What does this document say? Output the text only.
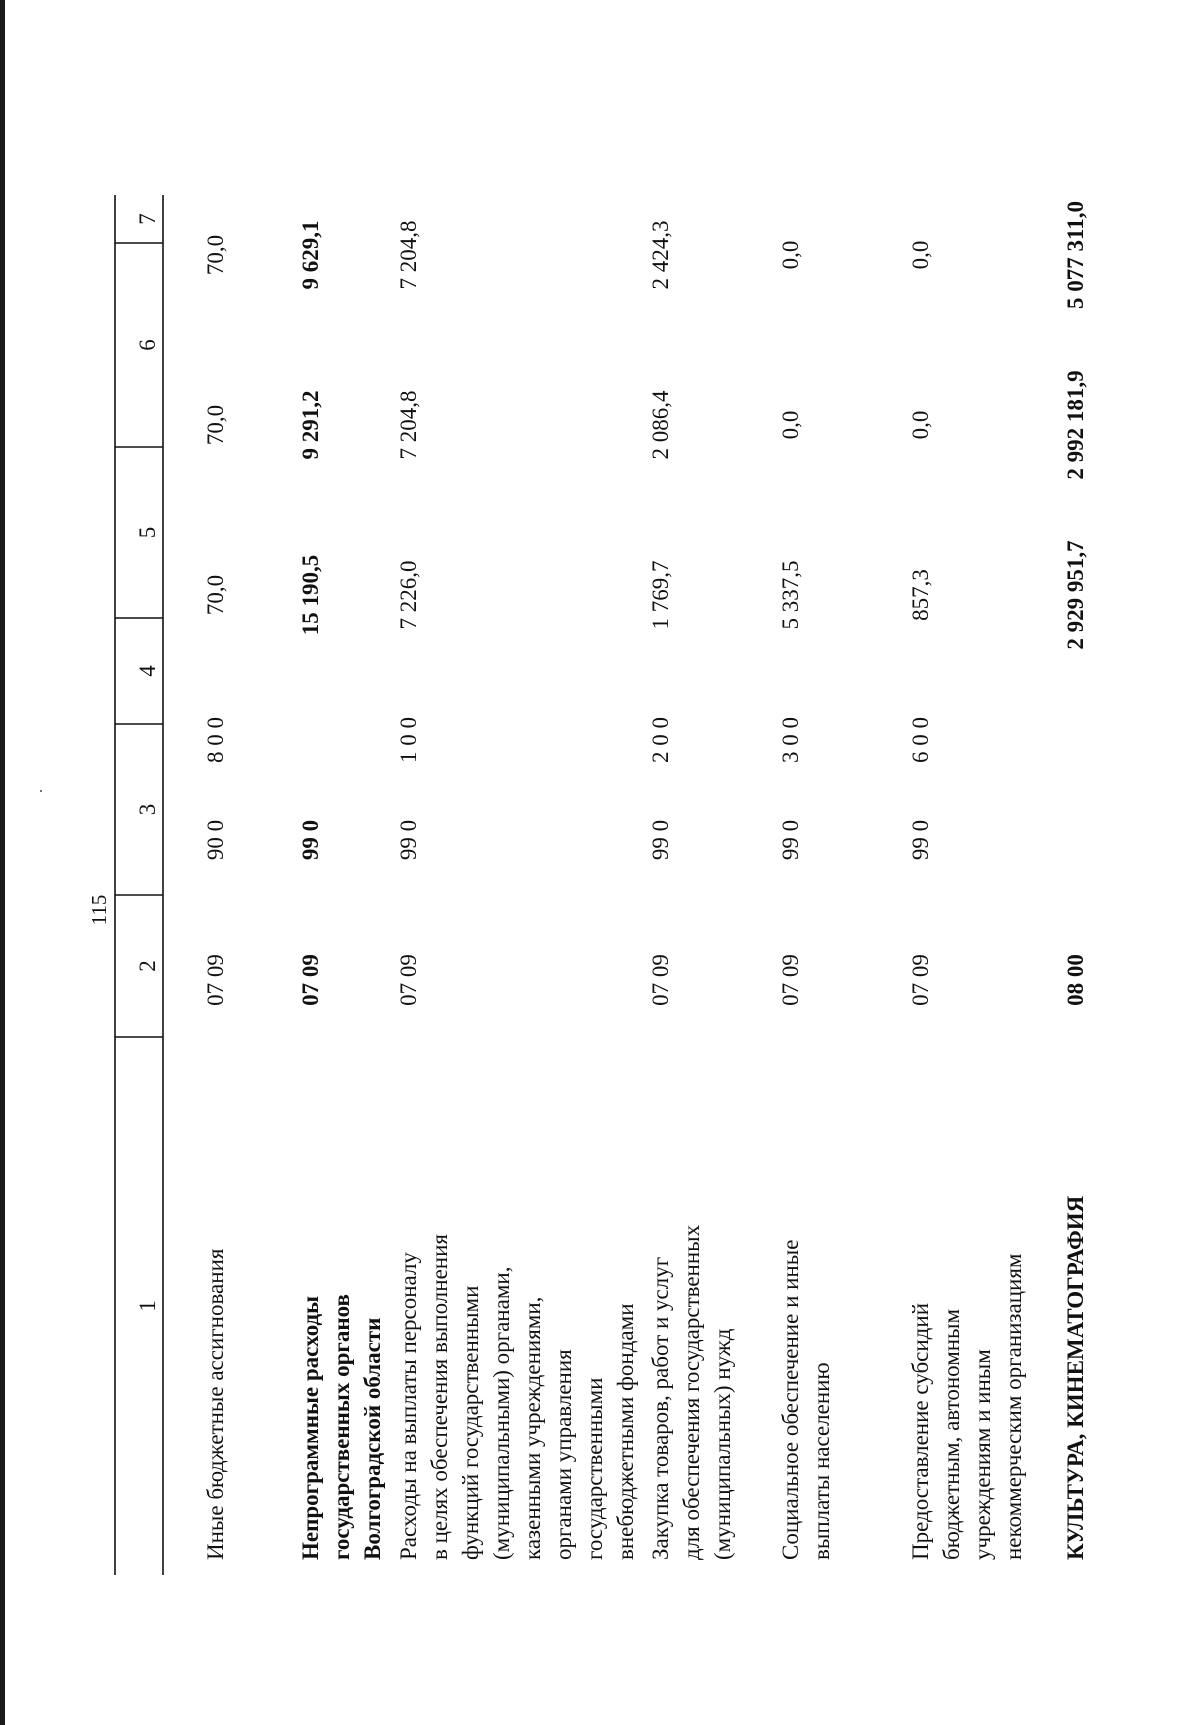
115
1
2
3
4
5
6
7
Иные бюджетные ассигнования
07 09
90 0
8 0 0
70,0
70,0
70,0
Непрограммные расходы государственных органов Волгоградской области
07 09
99 0
15 190,5
9 291,2
9 629,1
Расходы на выплаты персоналу в целях обеспечения выполнения функций государственными (муниципальными) органами, казенными учреждениями, органами управления государственными внебюджетными фондами
07 09
99 0
1 0 0
7 226,0
7 204,8
7 204,8
Закупка товаров, работ и услуг для обеспечения государственных (муниципальных) нужд
07 09
99 0
2 0 0
1 769,7
2 086,4
2 424,3
Социальное обеспечение и иные выплаты населению
07 09
99 0
3 0 0
5 337,5
0,0
0,0
Предоставление субсидий бюджетным, автономным учреждениям и иным некоммерческим организациям
07 09
99 0
6 0 0
857,3
0,0
0,0
КУЛЬТУРА, КИНЕМАТОГРАФИЯ
08 00
2 929 951,7
2 992 181,9
5 077 311,0
